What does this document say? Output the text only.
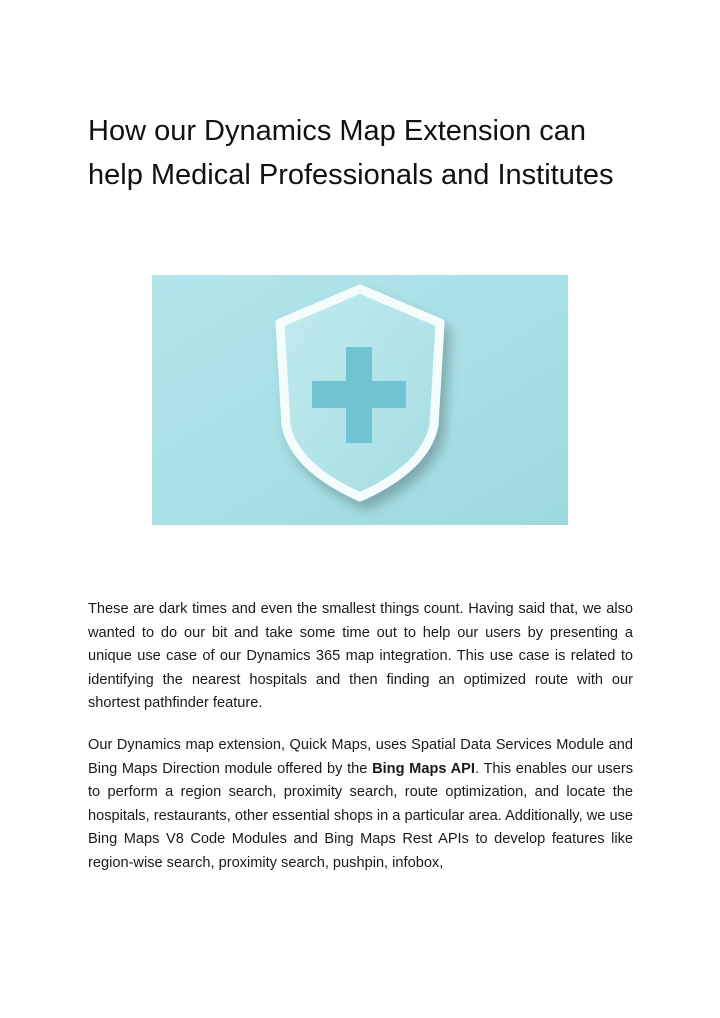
How our Dynamics Map Extension can help Medical Professionals and Institutes

These are dark times and even the smallest things count. Having said that, we also wanted to do our bit and take some time out to help our users by presenting a unique use case of our Dynamics 365 map integration. This use case is related to identifying the nearest hospitals and then finding an optimized route with our shortest pathfinder feature.

Our Dynamics map extension, Quick Maps, uses Spatial Data Services Module and Bing Maps Direction module offered by the Bing Maps API. This enables our users to perform a region search, proximity search, route optimization, and locate the hospitals, restaurants, other essential shops in a particular area. Additionally, we use Bing Maps V8 Code Modules and Bing Maps Rest APIs to develop features like region-wise search, proximity search, pushpin, infobox,
